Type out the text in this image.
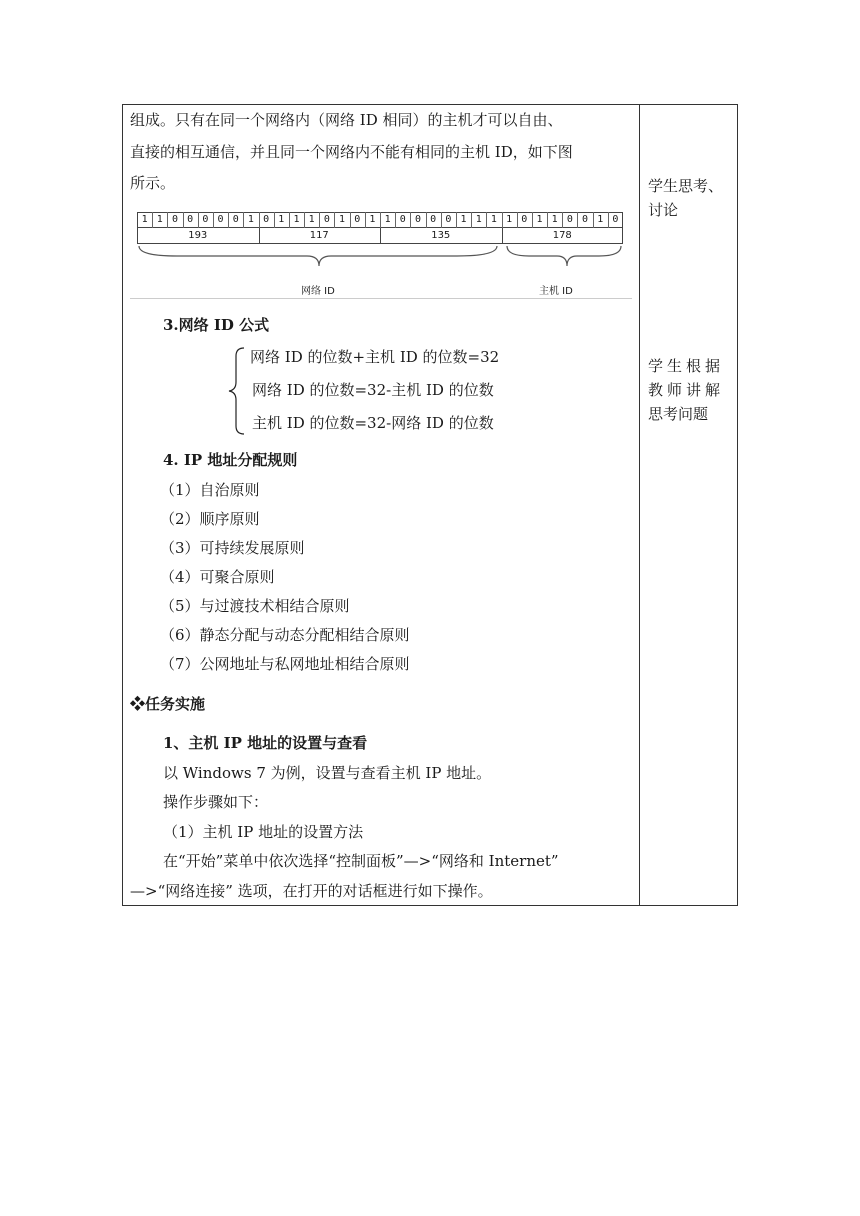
组成。只有在同一个网络内（网络 ID 相同）的主机才可以自由、
直接的相互通信，并且同一个网络内不能有相同的主机 ID，如下图
所示。
网络 ID	主机 ID
1 1 0 0 0 0 0 1 0 1 1 1 0 1 0 1 1 0 0 0 0 1 1 1 1 0 1 1 0 0 1 0
193	117	135	178
3.网络 ID 公式
网络 ID 的位数+主机 ID 的位数=32
网络 ID 的位数=32-主机 ID 的位数
主机 ID 的位数=32-网络 ID 的位数
4. IP 地址分配规则
（1）自治原则
（2）顺序原则
（3）可持续发展原则
（4）可聚合原则
（5）与过渡技术相结合原则
（6）静态分配与动态分配相结合原则
（7）公网地址与私网地址相结合原则
❖任务实施
1、主机 IP 地址的设置与查看
以 Windows 7 为例，设置与查看主机 IP 地址。
操作步骤如下：
（1）主机 IP 地址的设置方法
在“开始”菜单中依次选择“控制面板”—>“网络和 Internet”
—>“网络连接” 选项，在打开的对话框进行如下操作。
学生思考、
讨论
学生根据
教师讲解
思考问题
